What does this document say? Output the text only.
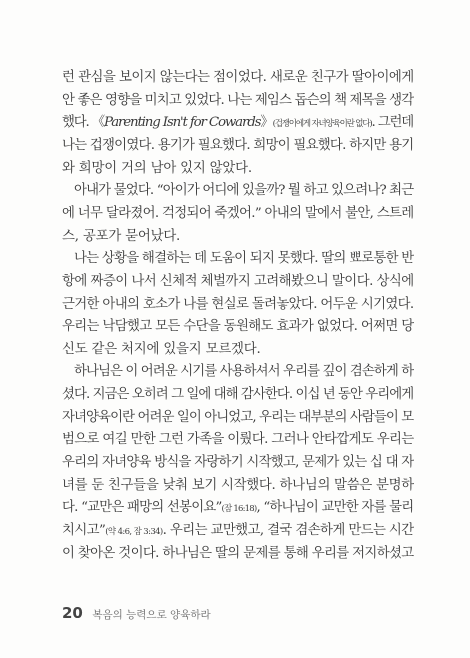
런 관심을 보이지 않는다는 점이었다. 새로운 친구가 딸아이에게
안 좋은 영향을 미치고 있었다. 나는 제임스 돕슨의 책 제목을 생각
했다. 《Parenting Isn't for Cowards》(겁쟁이에게 자녀양육이란 없다). 그런데
나는 겁쟁이였다. 용기가 필요했다. 희망이 필요했다. 하지만 용기
와 희망이 거의 남아 있지 않았다.
아내가 물었다. “아이가 어디에 있을까? 뭘 하고 있으려나? 최근
에 너무 달라졌어. 걱정되어 죽겠어.” 아내의 말에서 불안, 스트레
스, 공포가 묻어났다.
나는 상황을 해결하는 데 도움이 되지 못했다. 딸의 뾰로통한 반
항에 짜증이 나서 신체적 체벌까지 고려해봤으니 말이다. 상식에
근거한 아내의 호소가 나를 현실로 돌려놓았다. 어두운 시기였다.
우리는 낙담했고 모든 수단을 동원해도 효과가 없었다. 어쩌면 당
신도 같은 처지에 있을지 모르겠다.
하나님은 이 어려운 시기를 사용하셔서 우리를 깊이 겸손하게 하
셨다. 지금은 오히려 그 일에 대해 감사한다. 이십 년 동안 우리에게
자녀양육이란 어려운 일이 아니었고, 우리는 대부분의 사람들이 모
범으로 여길 만한 그런 가족을 이뤘다. 그러나 안타깝게도 우리는
우리의 자녀양육 방식을 자랑하기 시작했고, 문제가 있는 십 대 자
녀를 둔 친구들을 낮춰 보기 시작했다. 하나님의 말씀은 분명하
다. “교만은 패망의 선봉이요”(잠 16:18), “하나님이 교만한 자를 물리
치시고”(약 4:6, 잠 3:34). 우리는 교만했고, 결국 겸손하게 만드는 시간
이 찾아온 것이다. 하나님은 딸의 문제를 통해 우리를 저지하셨고
20 복음의 능력으로 양육하라
